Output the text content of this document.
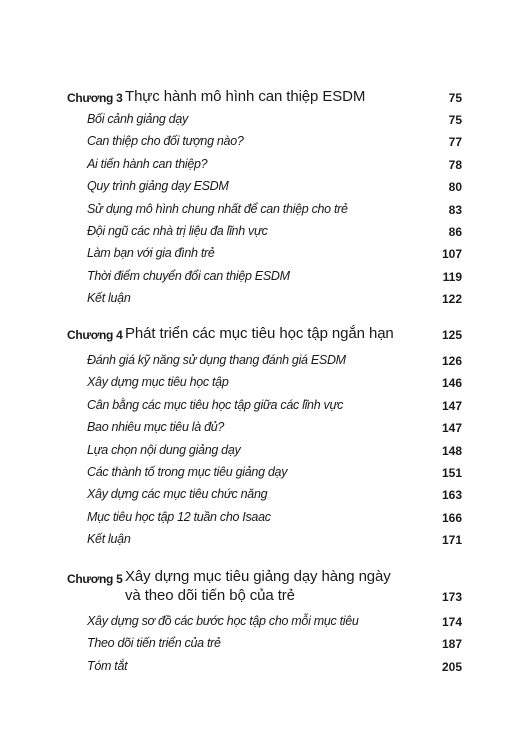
Chương 3 Thực hành mô hình can thiệp ESDM	75
Bối cảnh giảng dạy	75
Can thiệp cho đối tượng nào?	77
Ai tiến hành can thiệp?	78
Quy trình giảng dạy ESDM	80
Sử dụng mô hình chung nhất để can thiệp cho trẻ	83
Đội ngũ các nhà trị liệu đa lĩnh vực	86
Làm bạn với gia đình trẻ	107
Thời điểm chuyển đổi can thiệp ESDM	119
Kết luận	122
Chương 4 Phát triển các mục tiêu học tập ngắn hạn	125
Đánh giá kỹ năng sử dụng thang đánh giá ESDM	126
Xây dựng mục tiêu học tập	146
Cân bằng các mục tiêu học tập giữa các lĩnh vực	147
Bao nhiêu mục tiêu là đủ?	147
Lựa chọn nội dung giảng dạy	148
Các thành tố trong mục tiêu giảng dạy	151
Xây dựng các mục tiêu chức năng	163
Mục tiêu học tập 12 tuần cho Isaac	166
Kết luận	171
Chương 5 Xây dựng mục tiêu giảng dạy hàng ngày
và theo dõi tiến bộ của trẻ	173
Xây dựng sơ đồ các bước học tập cho mỗi mục tiêu	174
Theo dõi tiến triển của trẻ	187
Tóm tắt	205
